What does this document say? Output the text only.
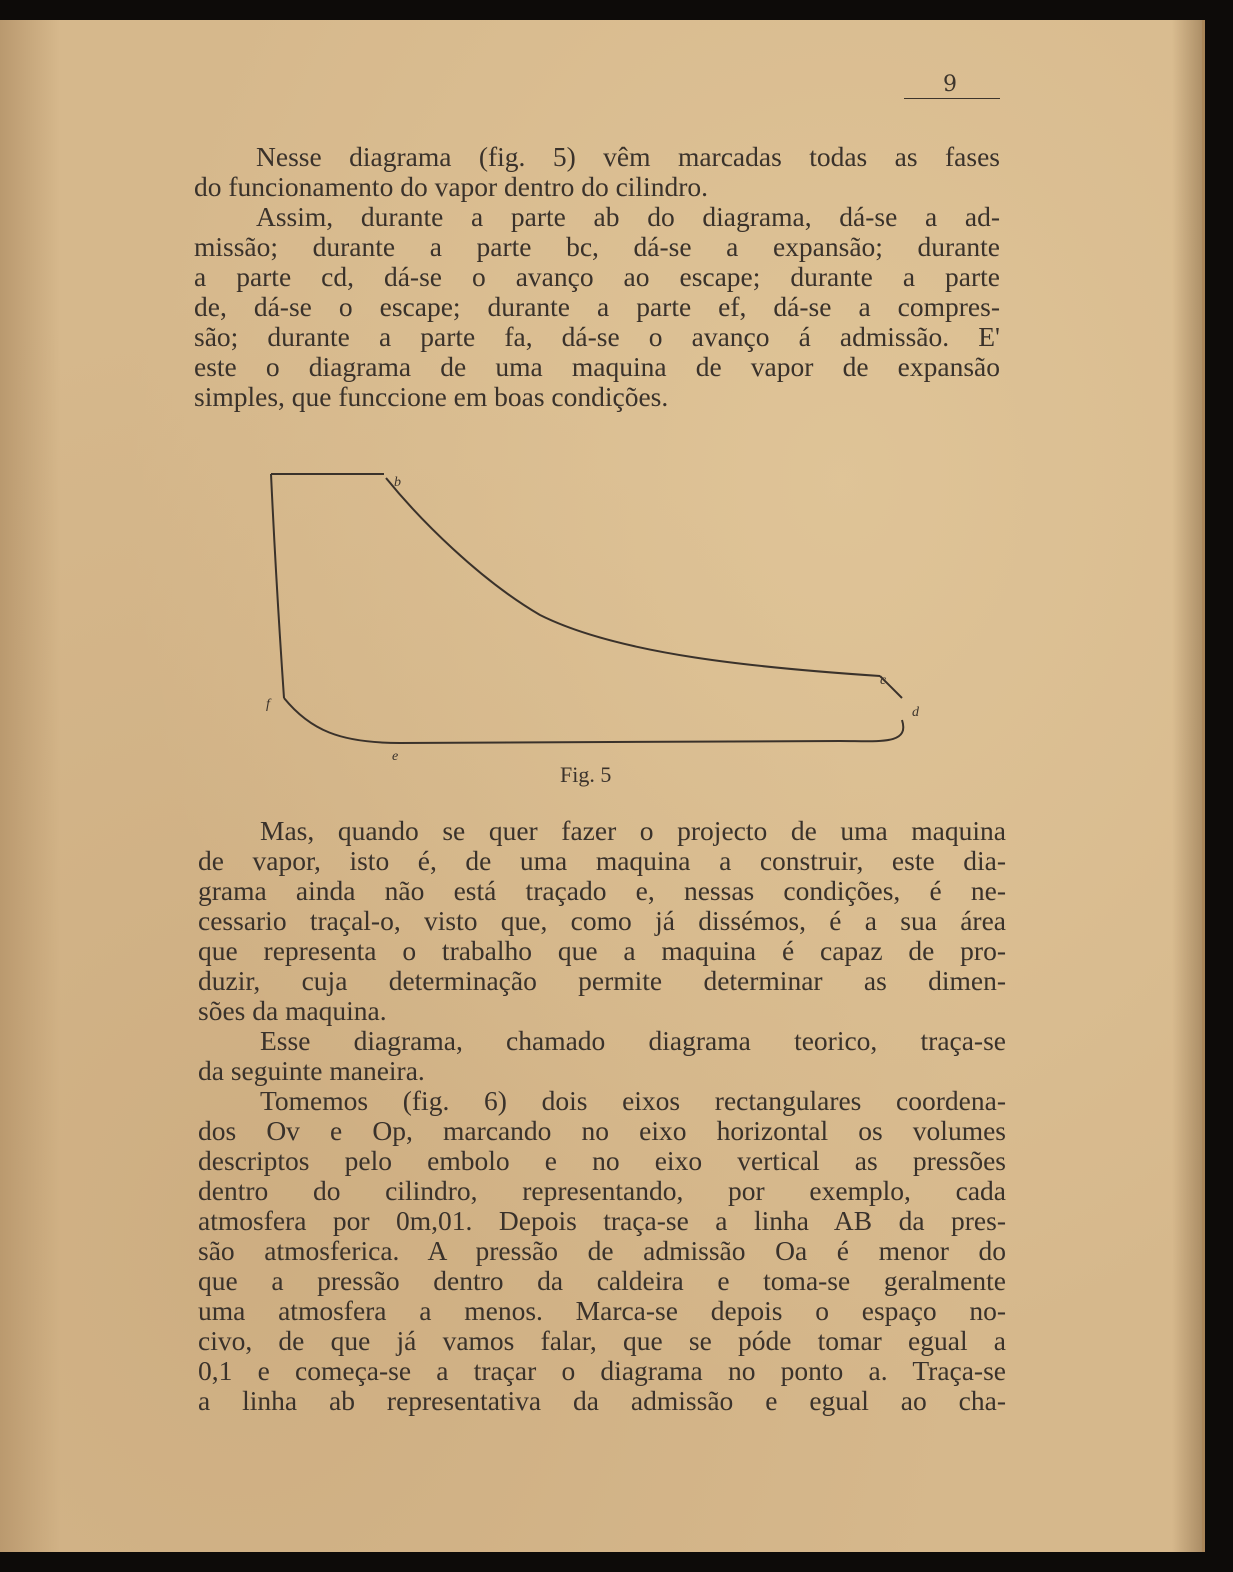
9
Nesse diagrama (fig. 5) vêm marcadas todas as fases
do funcionamento do vapor dentro do cilindro.
Assim, durante a parte ab do diagrama, dá-se a ad-
missão; durante a parte bc, dá-se a expansão; durante
a parte cd, dá-se o avanço ao escape; durante a parte
de, dá-se o escape; durante a parte ef, dá-se a compres-
são; durante a parte fa, dá-se o avanço á admissão. E'
este o diagrama de uma maquina de vapor de expansão
simples, que funccione em boas condições.
b
c
d
f
e
Fig. 5
Mas, quando se quer fazer o projecto de uma maquina
de vapor, isto é, de uma maquina a construir, este dia-
grama ainda não está traçado e, nessas condições, é ne-
cessario traçal-o, visto que, como já dissémos, é a sua área
que representa o trabalho que a maquina é capaz de pro-
duzir, cuja determinação permite determinar as dimen-
sões da maquina.
Esse diagrama, chamado diagrama teorico, traça-se
da seguinte maneira.
Tomemos (fig. 6) dois eixos rectangulares coordena-
dos Ov e Op, marcando no eixo horizontal os volumes
descriptos pelo embolo e no eixo vertical as pressões
dentro do cilindro, representando, por exemplo, cada
atmosfera por 0m,01. Depois traça-se a linha AB da pres-
são atmosferica. A pressão de admissão Oa é menor do
que a pressão dentro da caldeira e toma-se geralmente
uma atmosfera a menos. Marca-se depois o espaço no-
civo, de que já vamos falar, que se póde tomar egual a
0,1 e começa-se a traçar o diagrama no ponto a. Traça-se
a linha ab representativa da admissão e egual ao cha-
